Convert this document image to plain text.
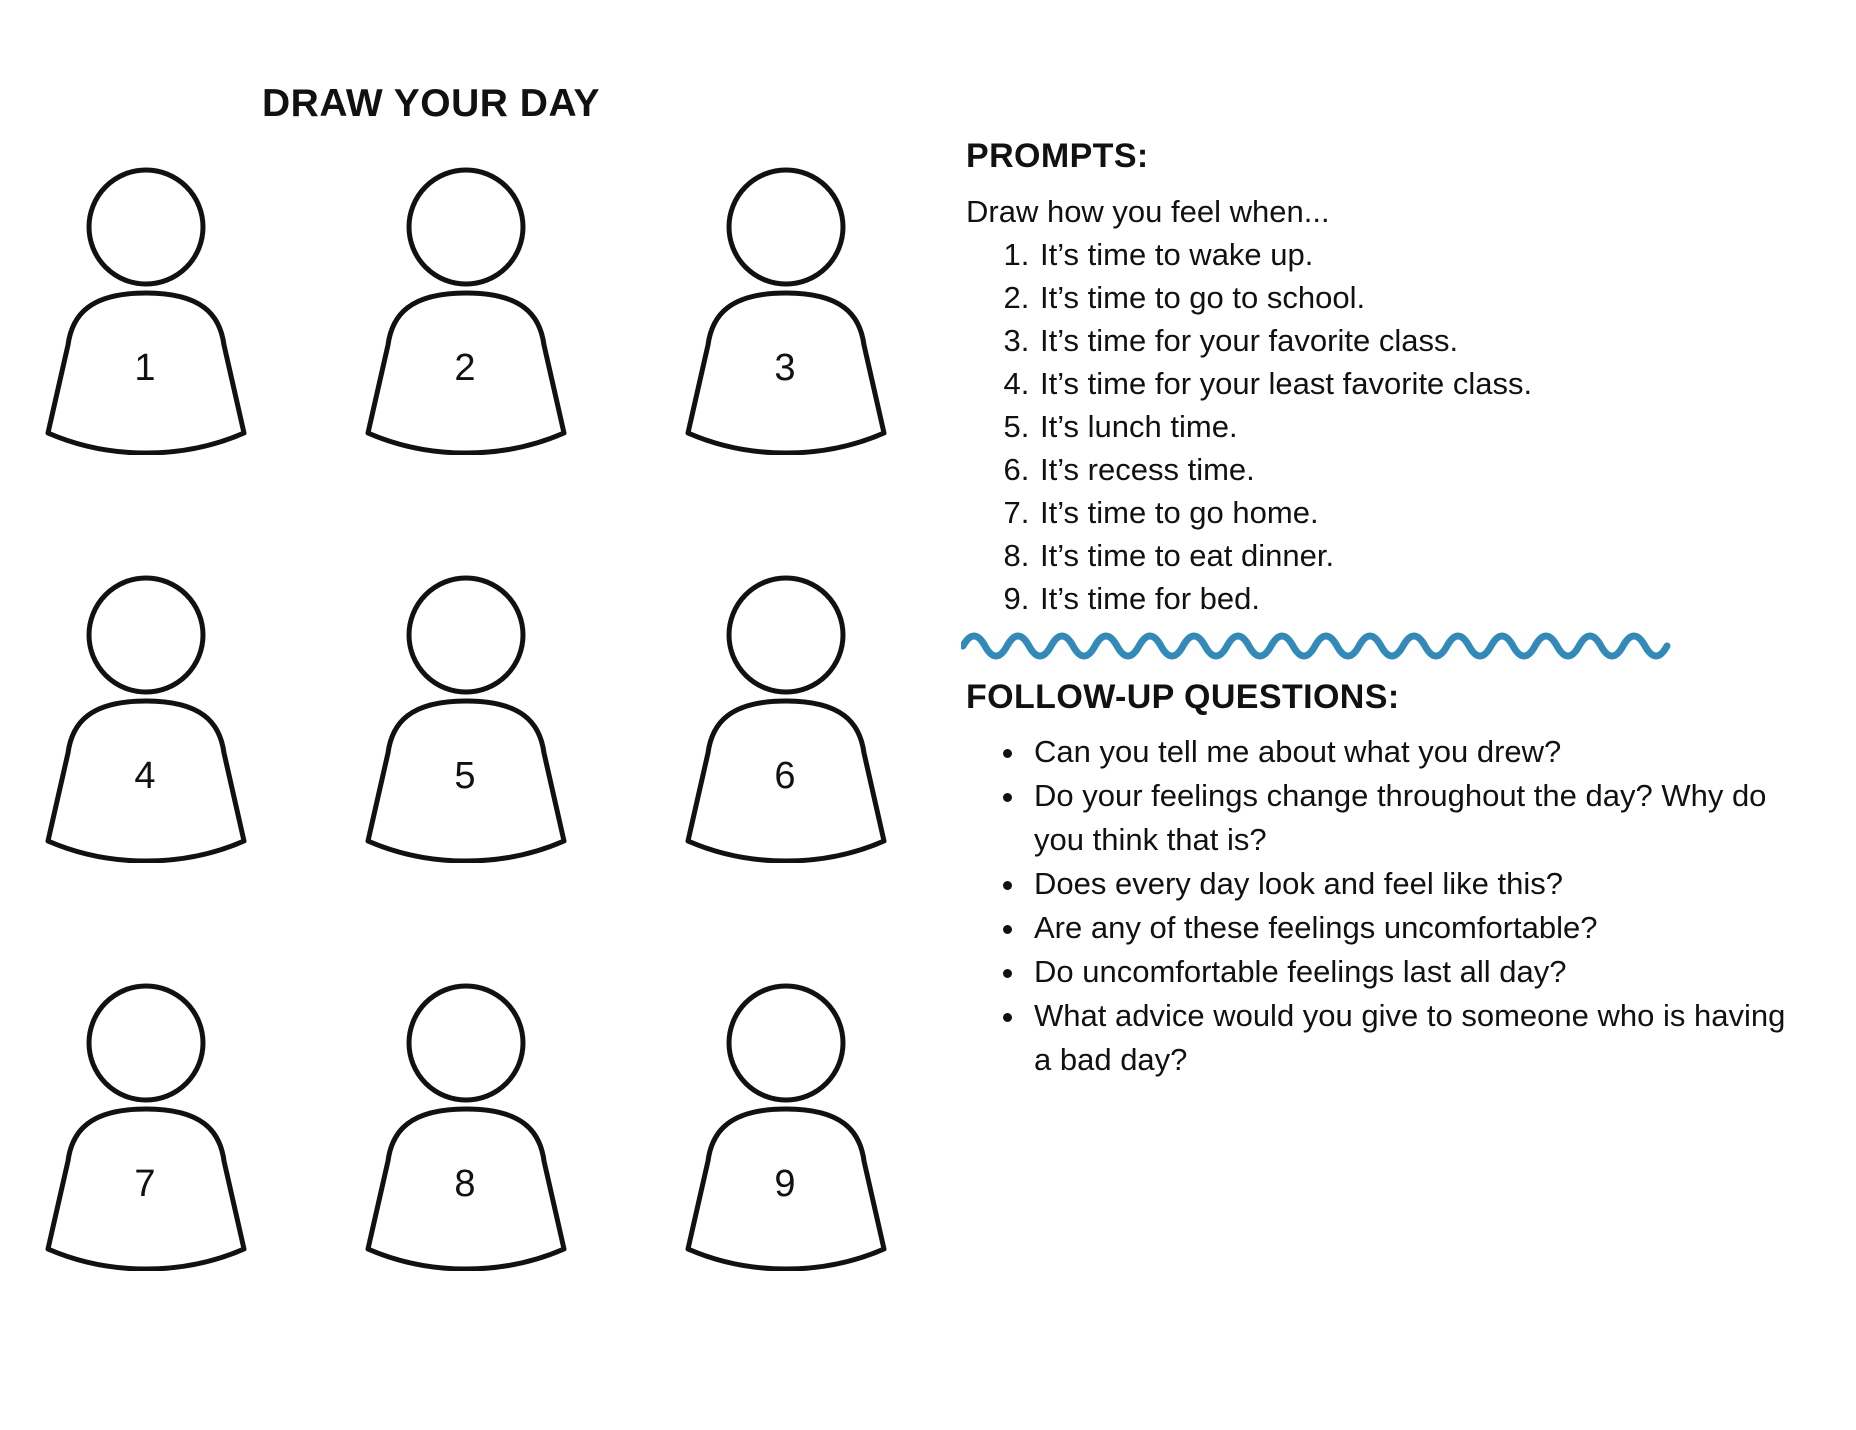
DRAW YOUR DAY
1	2	3
4	5	6
7	8	9
PROMPTS:
Draw how you feel when...
1. It’s time to wake up.
2. It’s time to go to school.
3. It’s time for your favorite class.
4. It’s time for your least favorite class.
5. It’s lunch time.
6. It’s recess time.
7. It’s time to go home.
8. It’s time to eat dinner.
9. It’s time for bed.
FOLLOW-UP QUESTIONS:
• Can you tell me about what you drew?
• Do your feelings change throughout the day? Why do you think that is?
• Does every day look and feel like this?
• Are any of these feelings uncomfortable?
• Do uncomfortable feelings last all day?
• What advice would you give to someone who is having a bad day?
